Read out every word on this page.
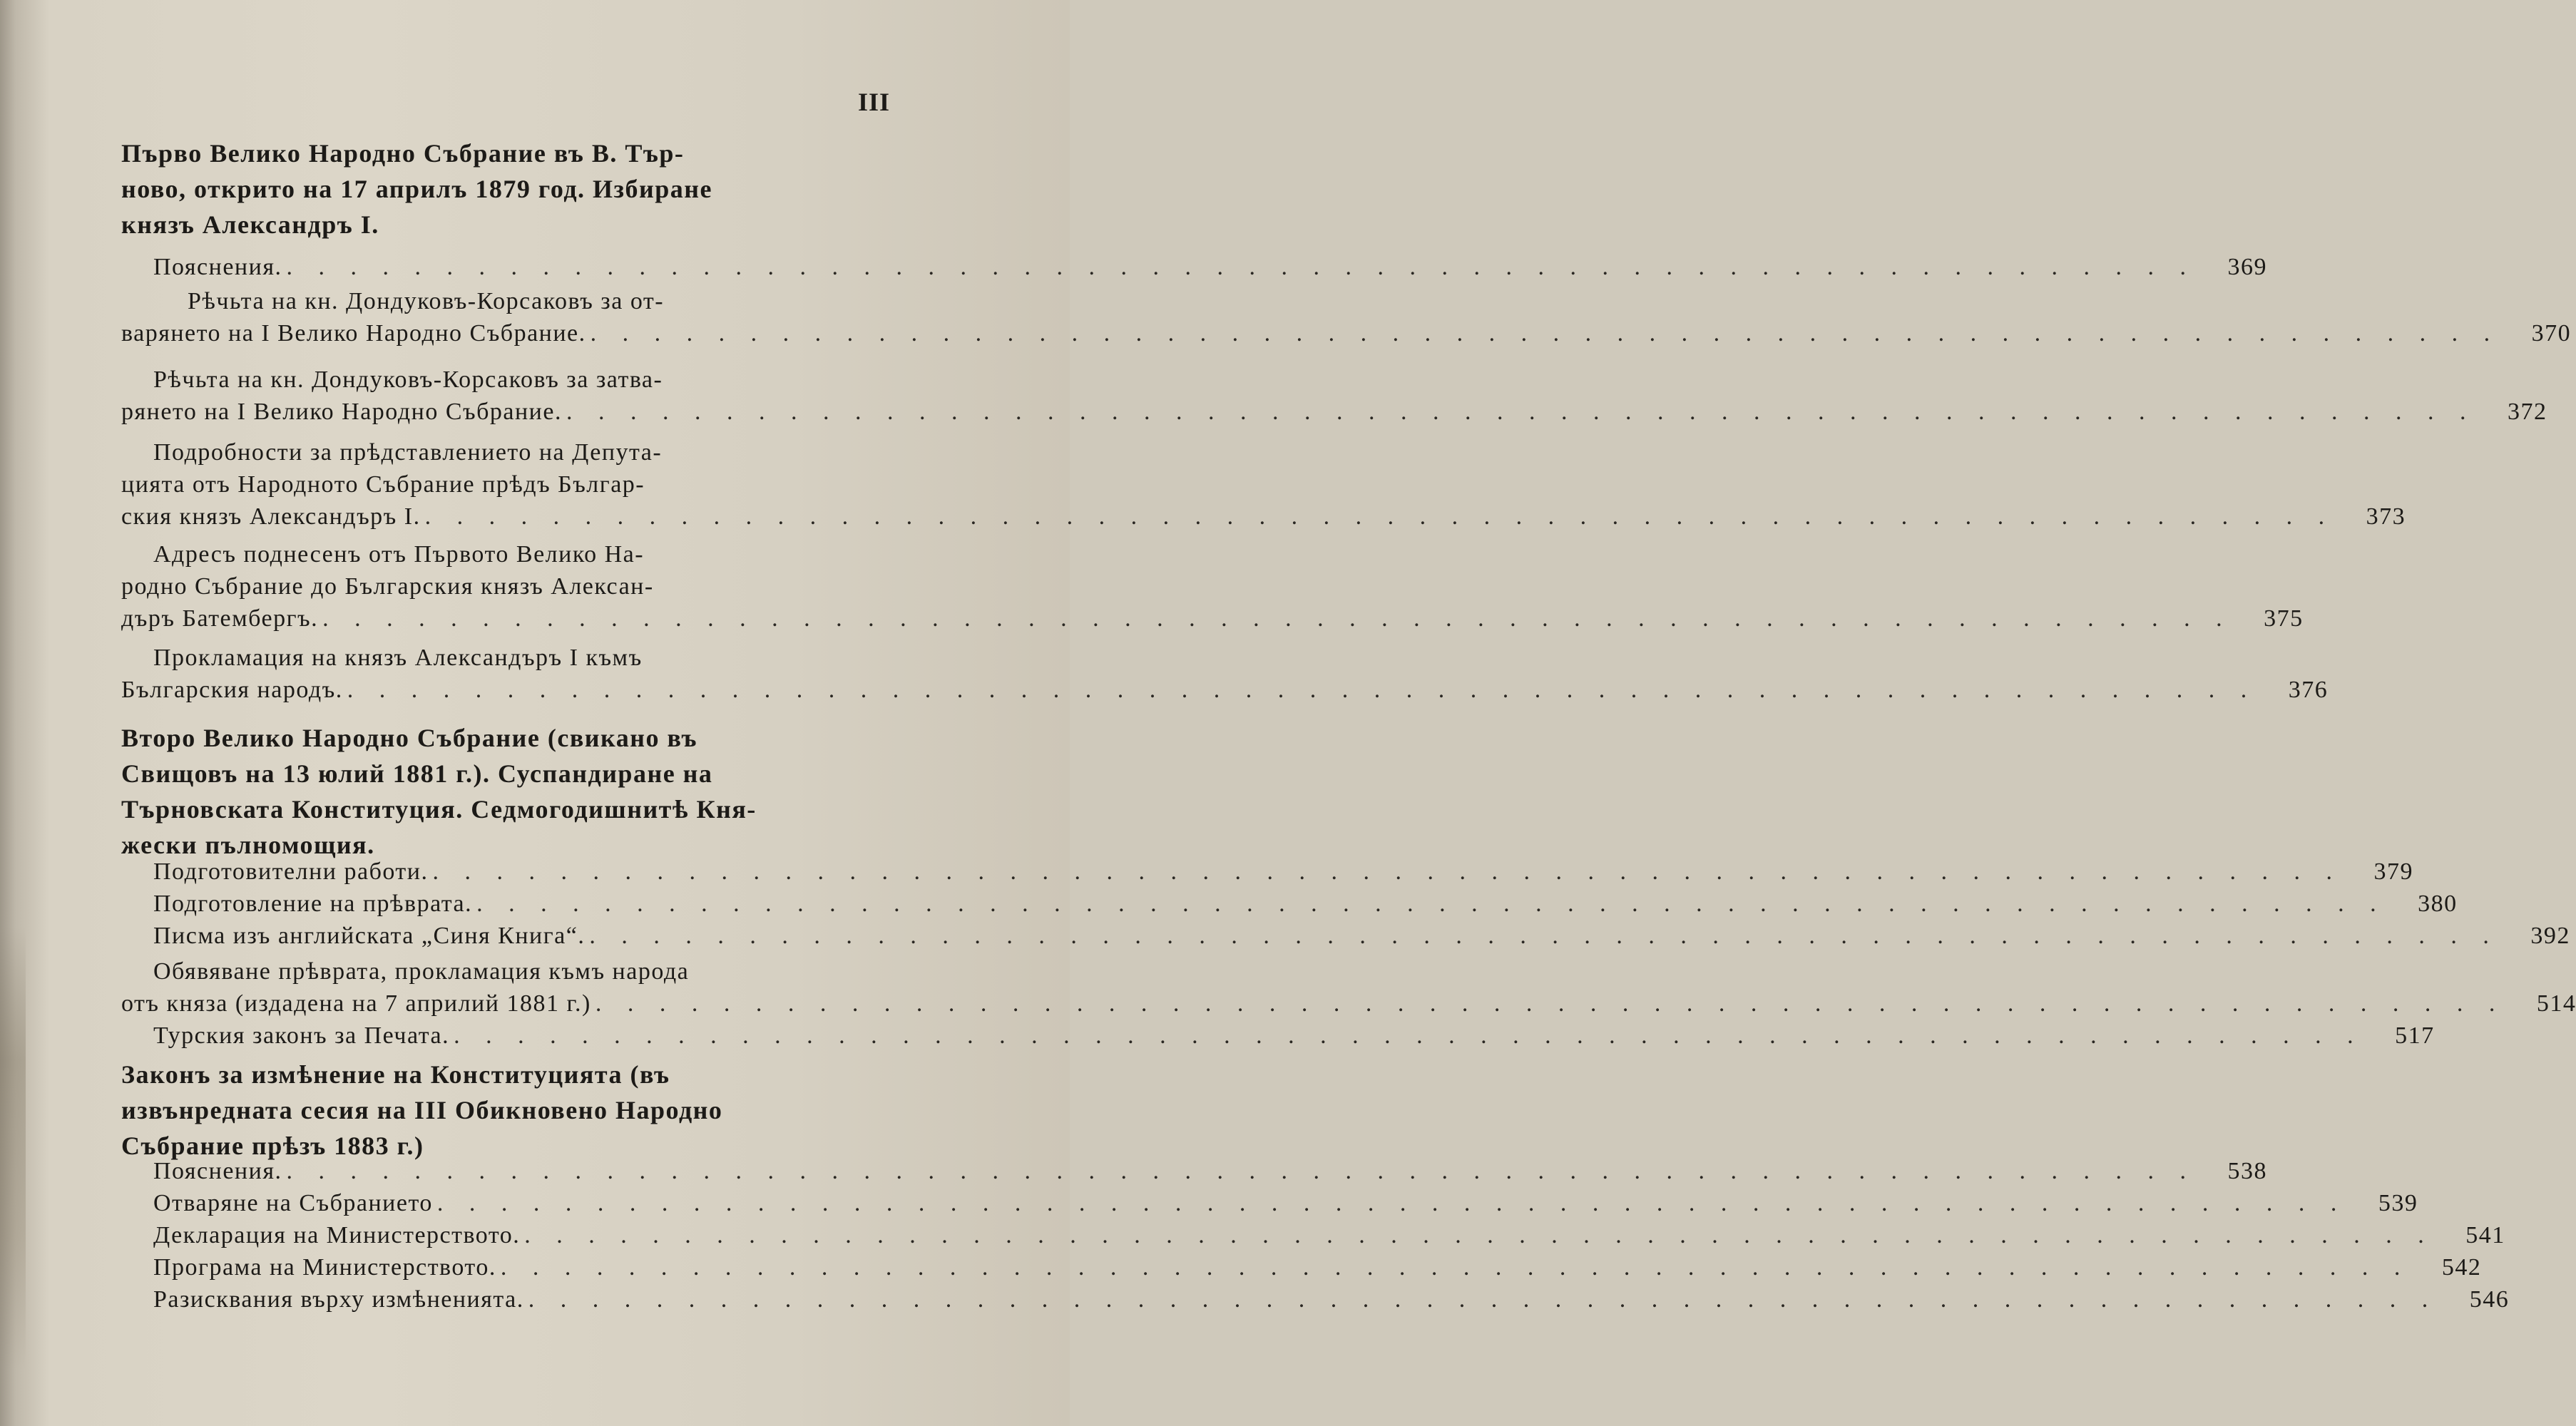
III
Първо Велико Народно Събрание въ В. Тър-
ново, открито на 17 априлъ 1879 год. Избиране
князъ Александръ I.
Пояснения. . . . . . . . . . . . . . . . . . . . . . . . . . . . . . . . . . . . . . . . . . . . . . . . . . . . . . . . . . . . .	369
Рѣчьта на кн. Дондуковъ-Корсаковъ за от-
варянето на I Велико Народно Събрание. . . . . . . . . . . . . . . . . . . . . . . . . . . . . . . . . . . . . . . . . . . . . . . . . . . . . . . . . . . . .	370
Рѣчьта на кн. Дондуковъ-Корсаковъ за затва-
рянето на I Велико Народно Събрание. . . . . . . . . . . . . . . . . . . . . . . . . . . . . . . . . . . . . . . . . . . . . . . . . . . . . . . . . . . . .	372
Подробности за прѣдставлението на Депута-
цията отъ Народното Събрание прѣдъ Българ-
ския князъ Александъръ I. . . . . . . . . . . . . . . . . . . . . . . . . . . . . . . . . . . . . . . . . . . . . . . . . . . . . . . . . . . . .	373
Адресъ поднесенъ отъ Първото Велико На-
родно Събрание до Българския князъ Алексан-
дъръ Батембергъ. . . . . . . . . . . . . . . . . . . . . . . . . . . . . . . . . . . . . . . . . . . . . . . . . . . . . . . . . . . . .	375
Прокламация на князъ Александъръ I къмъ
Българския народъ. . . . . . . . . . . . . . . . . . . . . . . . . . . . . . . . . . . . . . . . . . . . . . . . . . . . . . . . . . . . .	376
Второ Велико Народно Събрание (свикано въ
Свищовъ на 13 юлий 1881 г.). Суспандиране на
Търновската Конституция. Седмогодишнитѣ Кня-
жески пълномощия.
Подготовителни работи. . . . . . . . . . . . . . . . . . . . . . . . . . . . . . . . . . . . . . . . . . . . . . . . . . . . . . . . . . . . .	379
Подготовление на прѣврата. . . . . . . . . . . . . . . . . . . . . . . . . . . . . . . . . . . . . . . . . . . . . . . . . . . . . . . . . . . . .	380
Писма изъ английската „Синя Книга“. . . . . . . . . . . . . . . . . . . . . . . . . . . . . . . . . . . . . . . . . . . . . . . . . . . . . . . . . . . . .	392
Обявяване прѣврата, прокламация къмъ народа
отъ княза (издадена на 7 априлий 1881 г.) . . . . . . . . . . . . . . . . . . . . . . . . . . . . . . . . . . . . . . . . . . . . . . . . . . . . . . . . . . . .	514
Турския законъ за Печата. . . . . . . . . . . . . . . . . . . . . . . . . . . . . . . . . . . . . . . . . . . . . . . . . . . . . . . . . . . . .	517
Законъ за измѣнение на Конституцията (въ
извънредната сесия на III Обикновено Народно
Събрание прѣзъ 1883 г.)
Пояснения. . . . . . . . . . . . . . . . . . . . . . . . . . . . . . . . . . . . . . . . . . . . . . . . . . . . . . . . . . . . .	538
Отваряне на Събранието . . . . . . . . . . . . . . . . . . . . . . . . . . . . . . . . . . . . . . . . . . . . . . . . . . . . . . . . . . . .	539
Декларация на Министерството. . . . . . . . . . . . . . . . . . . . . . . . . . . . . . . . . . . . . . . . . . . . . . . . . . . . . . . . . . . . .	541
Програма на Министерството. . . . . . . . . . . . . . . . . . . . . . . . . . . . . . . . . . . . . . . . . . . . . . . . . . . . . . . . . . . . .	542
Разисквания върху измѣненията. . . . . . . . . . . . . . . . . . . . . . . . . . . . . . . . . . . . . . . . . . . . . . . . . . . . . . . . . . . . .	546
